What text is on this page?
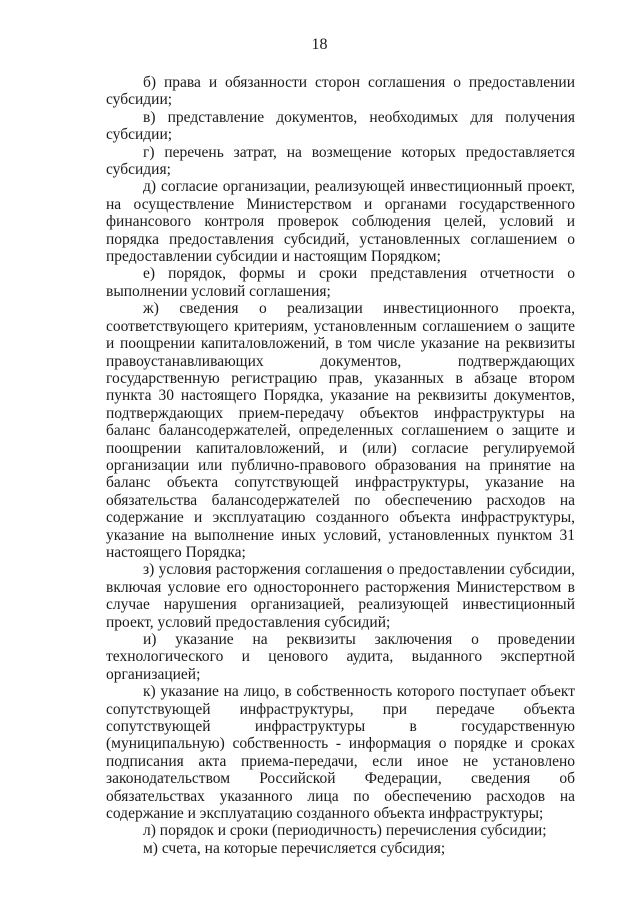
18

б) права и обязанности сторон соглашения о предоставлении субсидии;

в) представление документов, необходимых для получения субсидии;

г) перечень затрат, на возмещение которых предоставляется субсидия;

д) согласие организации, реализующей инвестиционный проект, на осуществление Министерством и органами государственного финансового контроля проверок соблюдения целей, условий и порядка предоставления субсидий, установленных соглашением о предоставлении субсидии и настоящим Порядком;

е) порядок, формы и сроки представления отчетности о выполнении условий соглашения;

ж) сведения о реализации инвестиционного проекта, соответствующего критериям, установленным соглашением о защите и поощрении капиталовложений, в том числе указание на реквизиты правоустанавливающих документов, подтверждающих государственную регистрацию прав, указанных в абзаце втором пункта 30 настоящего Порядка, указание на реквизиты документов, подтверждающих прием-передачу объектов инфраструктуры на баланс балансодержателей, определенных соглашением о защите и поощрении капиталовложений, и (или) согласие регулируемой организации или публично-правового образования на принятие на баланс объекта сопутствующей инфраструктуры, указание на обязательства балансодержателей по обеспечению расходов на содержание и эксплуатацию созданного объекта инфраструктуры, указание на выполнение иных условий, установленных пунктом 31 настоящего Порядка;

з) условия расторжения соглашения о предоставлении субсидии, включая условие его одностороннего расторжения Министерством в случае нарушения организацией, реализующей инвестиционный проект, условий предоставления субсидий;

и) указание на реквизиты заключения о проведении технологического и ценового аудита, выданного экспертной организацией;

к) указание на лицо, в собственность которого поступает объект сопутствующей инфраструктуры, при передаче объекта сопутствующей инфраструктуры в государственную (муниципальную) собственность - информация о порядке и сроках подписания акта приема-передачи, если иное не установлено законодательством Российской Федерации, сведения об обязательствах указанного лица по обеспечению расходов на содержание и эксплуатацию созданного объекта инфраструктуры;

л) порядок и сроки (периодичность) перечисления субсидии;

м) счета, на которые перечисляется субсидия;
